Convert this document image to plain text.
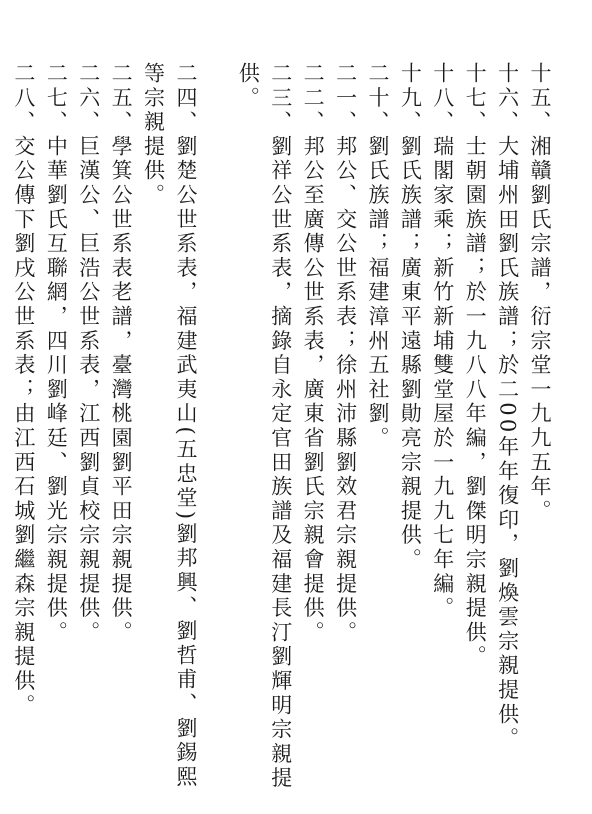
十五、湘贛劉氏宗譜，衍宗堂一九九五年。

十六、大埔州田劉氏族譜；於二00年年復印，劉煥雲宗親提供。

十七、士朝園族譜；於一九八八年編，劉傑明宗親提供。

十八、瑞閣家乘；新竹新埔雙堂屋於一九九七年編。

十九、劉氏族譜；廣東平遠縣劉勛亮宗親提供。

二十、劉氏族譜；福建漳州五社劉。

二一、邦公、交公世系表；徐州沛縣劉效君宗親提供。

二二、邦公至廣傳公世系表，廣東省劉氏宗親會提供。

二三、劉祥公世系表，摘錄自永定官田族譜及福建長汀劉輝明宗親提供。

二四、劉楚公世系表，福建武夷山(五忠堂)劉邦興、劉哲甫、劉錫熙等宗親提供。

二五、學箕公世系表老譜，臺灣桃園劉平田宗親提供。

二六、巨漢公、巨浩公世系表，江西劉貞校宗親提供。

二七、中華劉氏互聯網，四川劉峰廷、劉光宗親提供。

二八、交公傳下劉戌公世系表；由江西石城劉繼森宗親提供。
